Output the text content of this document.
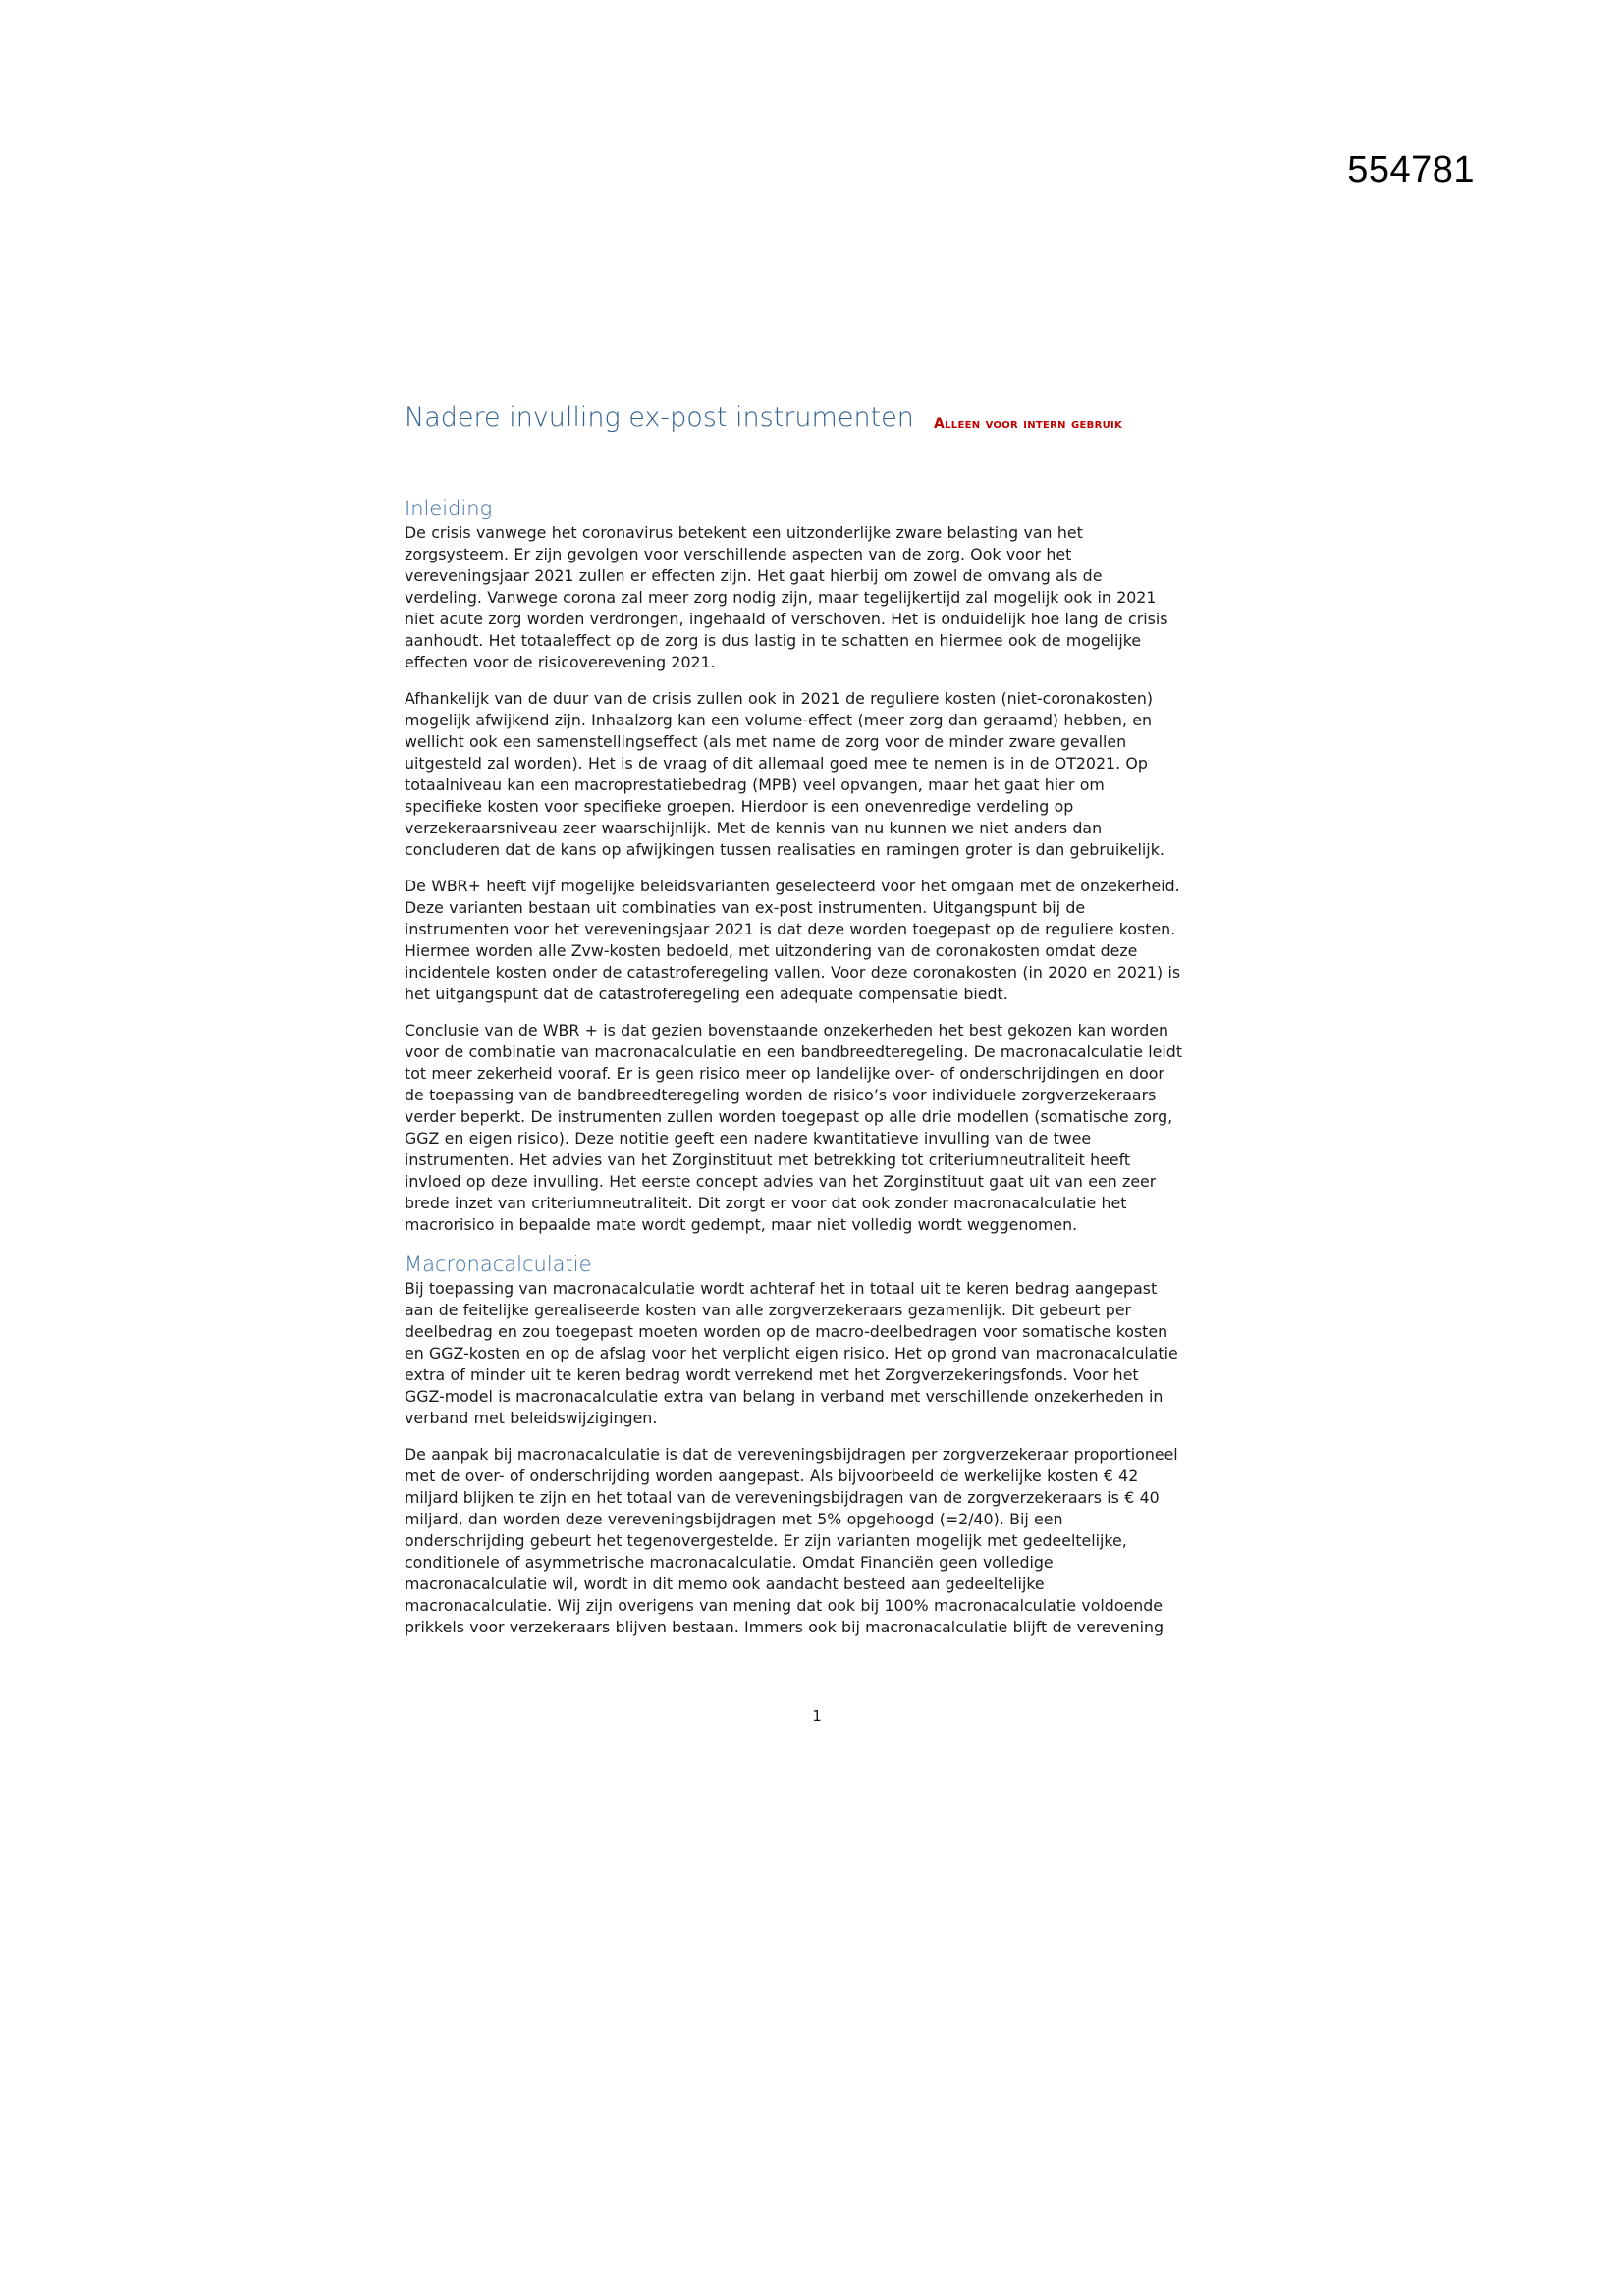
554781
Nadere invulling ex-post instrumenten Alleen voor intern gebruik
Inleiding

De crisis vanwege het coronavirus betekent een uitzonderlijke zware belasting van het
zorgsysteem. Er zijn gevolgen voor verschillende aspecten van de zorg. Ook voor het
vereveningsjaar 2021 zullen er effecten zijn. Het gaat hierbij om zowel de omvang als de
verdeling. Vanwege corona zal meer zorg nodig zijn, maar tegelijkertijd zal mogelijk ook in 2021
niet acute zorg worden verdrongen, ingehaald of verschoven. Het is onduidelijk hoe lang de crisis
aanhoudt. Het totaaleffect op de zorg is dus lastig in te schatten en hiermee ook de mogelijke
effecten voor de risicoverevening 2021.

Afhankelijk van de duur van de crisis zullen ook in 2021 de reguliere kosten (niet-coronakosten)
mogelijk afwijkend zijn. Inhaalzorg kan een volume-effect (meer zorg dan geraamd) hebben, en
wellicht ook een samenstellingseffect (als met name de zorg voor de minder zware gevallen
uitgesteld zal worden). Het is de vraag of dit allemaal goed mee te nemen is in de OT2021. Op
totaalniveau kan een macroprestatiebedrag (MPB) veel opvangen, maar het gaat hier om
specifieke kosten voor specifieke groepen. Hierdoor is een onevenredige verdeling op
verzekeraarsniveau zeer waarschijnlijk. Met de kennis van nu kunnen we niet anders dan
concluderen dat de kans op afwijkingen tussen realisaties en ramingen groter is dan gebruikelijk.

De WBR+ heeft vijf mogelijke beleidsvarianten geselecteerd voor het omgaan met de onzekerheid.
Deze varianten bestaan uit combinaties van ex-post instrumenten. Uitgangspunt bij de
instrumenten voor het vereveningsjaar 2021 is dat deze worden toegepast op de reguliere kosten.
Hiermee worden alle Zvw-kosten bedoeld, met uitzondering van de coronakosten omdat deze
incidentele kosten onder de catastroferegeling vallen. Voor deze coronakosten (in 2020 en 2021) is
het uitgangspunt dat de catastroferegeling een adequate compensatie biedt.

Conclusie van de WBR + is dat gezien bovenstaande onzekerheden het best gekozen kan worden
voor de combinatie van macronacalculatie en een bandbreedteregeling. De macronacalculatie leidt
tot meer zekerheid vooraf. Er is geen risico meer op landelijke over- of onderschrijdingen en door
de toepassing van de bandbreedteregeling worden de risico’s voor individuele zorgverzekeraars
verder beperkt. De instrumenten zullen worden toegepast op alle drie modellen (somatische zorg,
GGZ en eigen risico). Deze notitie geeft een nadere kwantitatieve invulling van de twee
instrumenten. Het advies van het Zorginstituut met betrekking tot criteriumneutraliteit heeft
invloed op deze invulling. Het eerste concept advies van het Zorginstituut gaat uit van een zeer
brede inzet van criteriumneutraliteit. Dit zorgt er voor dat ook zonder macronacalculatie het
macrorisico in bepaalde mate wordt gedempt, maar niet volledig wordt weggenomen.

Macronacalculatie

Bij toepassing van macronacalculatie wordt achteraf het in totaal uit te keren bedrag aangepast
aan de feitelijke gerealiseerde kosten van alle zorgverzekeraars gezamenlijk. Dit gebeurt per
deelbedrag en zou toegepast moeten worden op de macro-deelbedragen voor somatische kosten
en GGZ-kosten en op de afslag voor het verplicht eigen risico. Het op grond van macronacalculatie
extra of minder uit te keren bedrag wordt verrekend met het Zorgverzekeringsfonds. Voor het
GGZ-model is macronacalculatie extra van belang in verband met verschillende onzekerheden in
verband met beleidswijzigingen.

De aanpak bij macronacalculatie is dat de vereveningsbijdragen per zorgverzekeraar proportioneel
met de over- of onderschrijding worden aangepast. Als bijvoorbeeld de werkelijke kosten € 42
miljard blijken te zijn en het totaal van de vereveningsbijdragen van de zorgverzekeraars is € 40
miljard, dan worden deze vereveningsbijdragen met 5% opgehoogd (=2/40). Bij een
onderschrijding gebeurt het tegenovergestelde. Er zijn varianten mogelijk met gedeeltelijke,
conditionele of asymmetrische macronacalculatie. Omdat Financiën geen volledige
macronacalculatie wil, wordt in dit memo ook aandacht besteed aan gedeeltelijke
macronacalculatie. Wij zijn overigens van mening dat ook bij 100% macronacalculatie voldoende
prikkels voor verzekeraars blijven bestaan. Immers ook bij macronacalculatie blijft de verevening

1
